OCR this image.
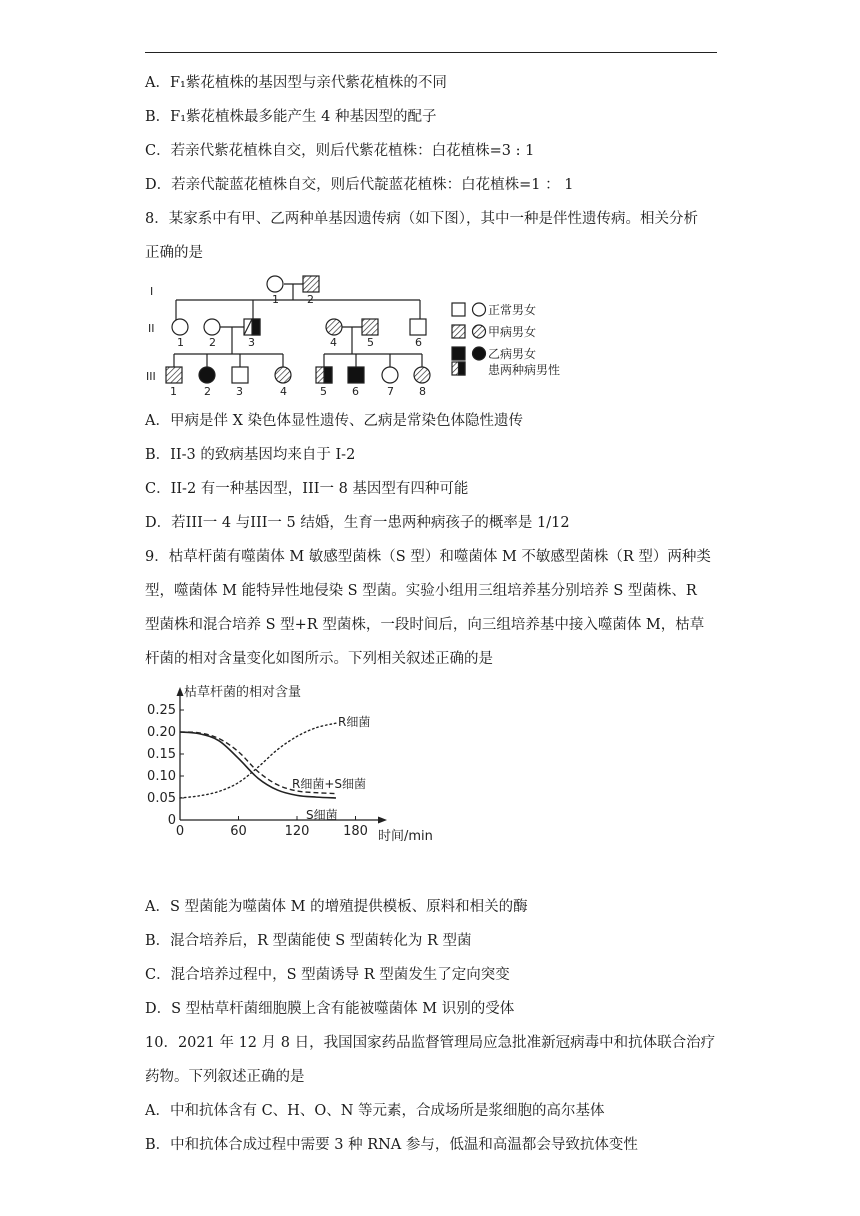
A．F₁紫花植株的基因型与亲代紫花植株的不同
B．F₁紫花植株最多能产生 4 种基因型的配子
C．若亲代紫花植株自交，则后代紫花植株：白花植株=3 : 1
D．若亲代靛蓝花植株自交，则后代靛蓝花植株：白花植株=1 ： 1
8．某家系中有甲、乙两种单基因遗传病（如下图），其中一种是伴性遗传病。相关分析
正确的是
I
II
III
1	2
1 2	3	4	5	6
1 2 3	4	5 6	7 8
正常男女
甲病男女
乙病男女
患两种病男性
A．甲病是伴 X 染色体显性遗传、乙病是常染色体隐性遗传
B．II-3 的致病基因均来自于 I-2
C．II-2 有一种基因型，III一 8 基因型有四种可能
D．若III一 4 与III一 5 结婚，生育一患两种病孩子的概率是 1/12
9．枯草杆菌有噬菌体 M 敏感型菌株（S 型）和噬菌体 M 不敏感型菌株（R 型）两种类
型，噬菌体 M 能特异性地侵染 S 型菌。实验小组用三组培养基分别培养 S 型菌株、R
型菌株和混合培养 S 型+R 型菌株，一段时间后，向三组培养基中接入噬菌体 M，枯草
杆菌的相对含量变化如图所示。下列相关叙述正确的是
枯草杆菌的相对含量
时间/min
0
0.05
0.10
0.15
0.20
0.25
0	60	120	180
R细菌
R细菌+S细菌
S细菌
A．S 型菌能为噬菌体 M 的增殖提供模板、原料和相关的酶
B．混合培养后，R 型菌能使 S 型菌转化为 R 型菌
C．混合培养过程中，S 型菌诱导 R 型菌发生了定向突变
D．S 型枯草杆菌细胞膜上含有能被噬菌体 M 识别的受体
10．2021 年 12 月 8 日，我国国家药品监督管理局应急批准新冠病毒中和抗体联合治疗
药物。下列叙述正确的是
A．中和抗体含有 C、H、O、N 等元素，合成场所是浆细胞的高尔基体
B．中和抗体合成过程中需要 3 种 RNA 参与，低温和高温都会导致抗体变性
